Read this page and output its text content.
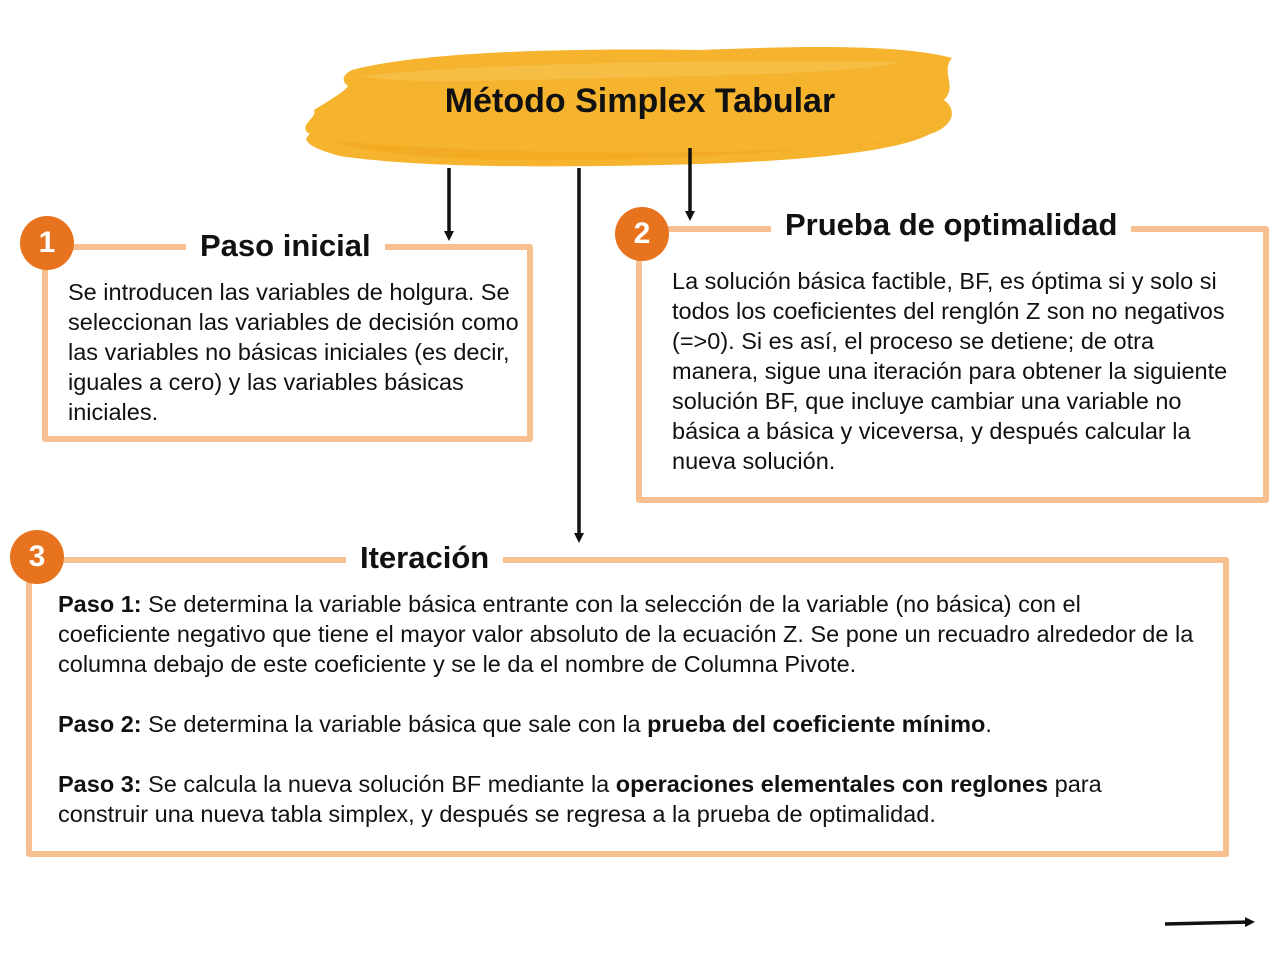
Método Simplex Tabular
Paso inicial
1
Se introducen las variables de holgura. Se seleccionan las variables de decisión como las variables no básicas iniciales (es decir, iguales a cero) y las variables básicas iniciales.
Prueba de optimalidad
2
La solución básica factible, BF, es óptima si y solo si todos los coeficientes del renglón Z son no negativos (=>0). Si es así, el proceso se detiene; de otra manera, sigue una iteración para obtener la siguiente solución BF, que incluye cambiar una variable no básica a básica y viceversa, y después calcular la nueva solución.
Iteración
3

Paso 1: Se determina la variable básica entrante con la selección de la variable (no básica) con el coeficiente negativo que tiene el mayor valor absoluto de la ecuación Z. Se pone un recuadro alrededor de la columna debajo de este coeficiente y se le da el nombre de Columna Pivote.

Paso 2: Se determina la variable básica que sale con la prueba del coeficiente mínimo.

Paso 3: Se calcula la nueva solución BF mediante la operaciones elementales con reglones para construir una nueva tabla simplex, y después se regresa a la prueba de optimalidad.
